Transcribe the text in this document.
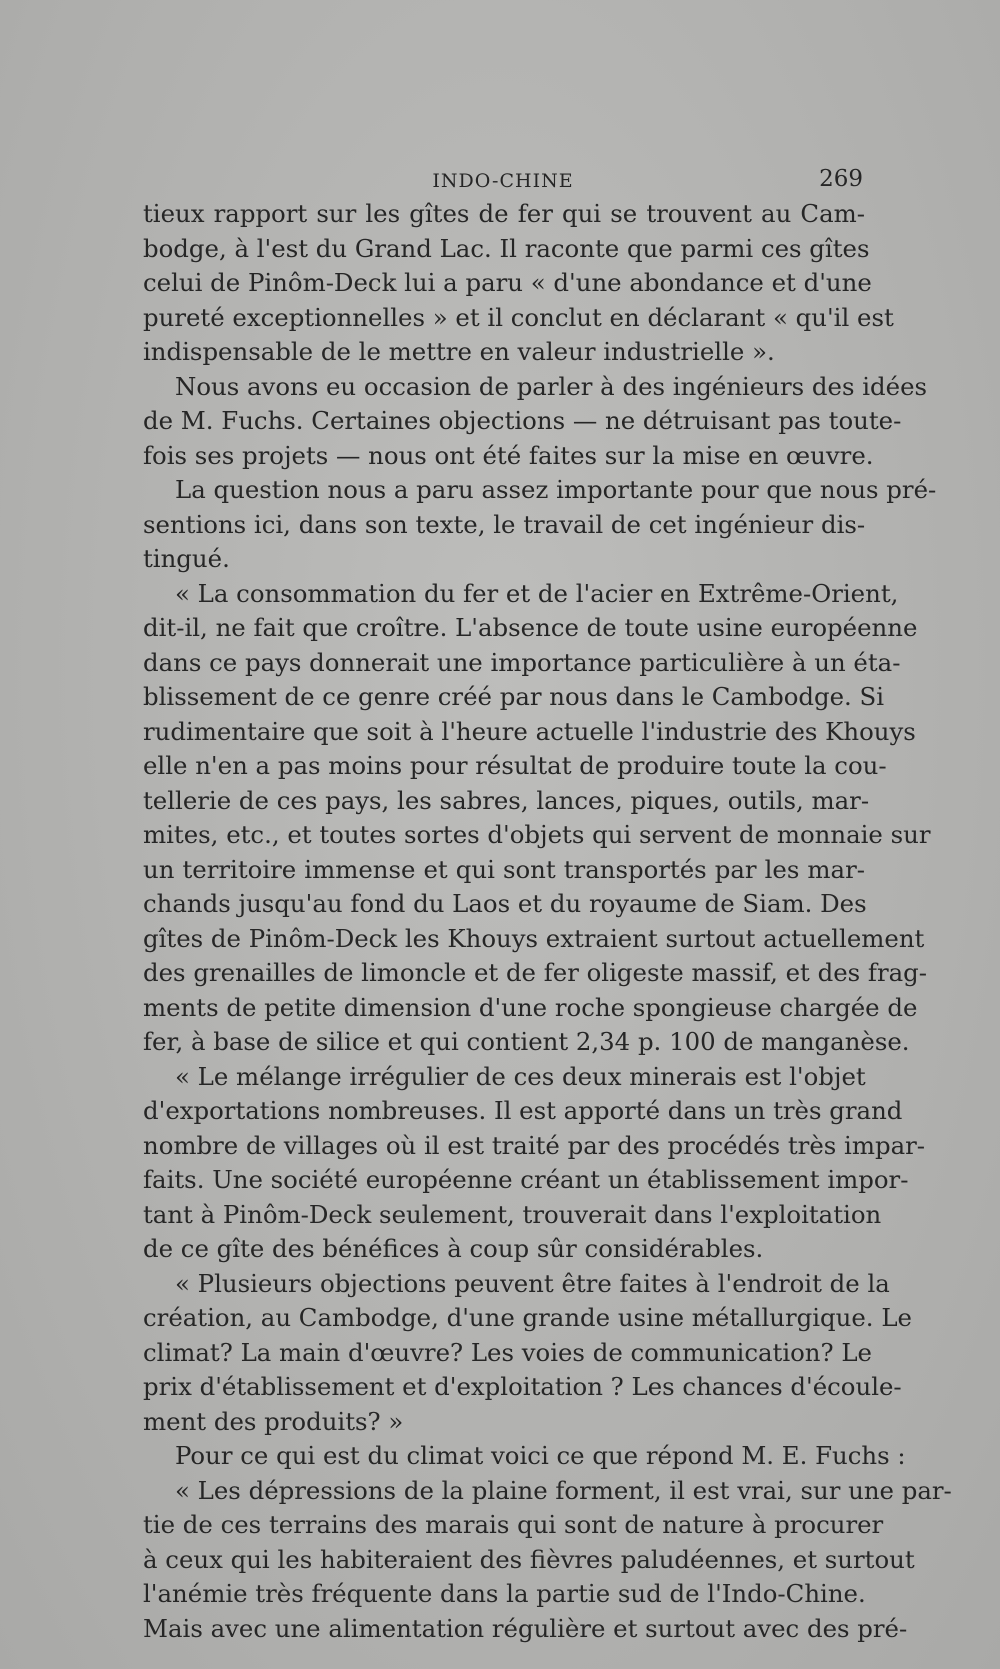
INDO-CHINE	269
tieux rapport sur les gîtes de fer qui se trouvent au Cam-
bodge, à l'est du Grand Lac. Il raconte que parmi ces gîtes
celui de Pinôm-Deck lui a paru « d'une abondance et d'une
pureté exceptionnelles » et il conclut en déclarant « qu'il est
indispensable de le mettre en valeur industrielle ».
Nous avons eu occasion de parler à des ingénieurs des idées
de M. Fuchs. Certaines objections — ne détruisant pas toute-
fois ses projets — nous ont été faites sur la mise en œuvre.
La question nous a paru assez importante pour que nous pré-
sentions ici, dans son texte, le travail de cet ingénieur dis-
tingué.
« La consommation du fer et de l'acier en Extrême-Orient,
dit-il, ne fait que croître. L'absence de toute usine européenne
dans ce pays donnerait une importance particulière à un éta-
blissement de ce genre créé par nous dans le Cambodge. Si
rudimentaire que soit à l'heure actuelle l'industrie des Khouys
elle n'en a pas moins pour résultat de produire toute la cou-
tellerie de ces pays, les sabres, lances, piques, outils, mar-
mites, etc., et toutes sortes d'objets qui servent de monnaie sur
un territoire immense et qui sont transportés par les mar-
chands jusqu'au fond du Laos et du royaume de Siam. Des
gîtes de Pinôm-Deck les Khouys extraient surtout actuellement
des grenailles de limoncle et de fer oligeste massif, et des frag-
ments de petite dimension d'une roche spongieuse chargée de
fer, à base de silice et qui contient 2,34 p. 100 de manganèse.
« Le mélange irrégulier de ces deux minerais est l'objet
d'exportations nombreuses. Il est apporté dans un très grand
nombre de villages où il est traité par des procédés très impar-
faits. Une société européenne créant un établissement impor-
tant à Pinôm-Deck seulement, trouverait dans l'exploitation
de ce gîte des bénéfices à coup sûr considérables.
« Plusieurs objections peuvent être faites à l'endroit de la
création, au Cambodge, d'une grande usine métallurgique. Le
climat? La main d'œuvre? Les voies de communication? Le
prix d'établissement et d'exploitation ? Les chances d'écoule-
ment des produits? »
Pour ce qui est du climat voici ce que répond M. E. Fuchs :
« Les dépressions de la plaine forment, il est vrai, sur une par-
tie de ces terrains des marais qui sont de nature à procurer
à ceux qui les habiteraient des fièvres paludéennes, et surtout
l'anémie très fréquente dans la partie sud de l'Indo-Chine.
Mais avec une alimentation régulière et surtout avec des pré-
